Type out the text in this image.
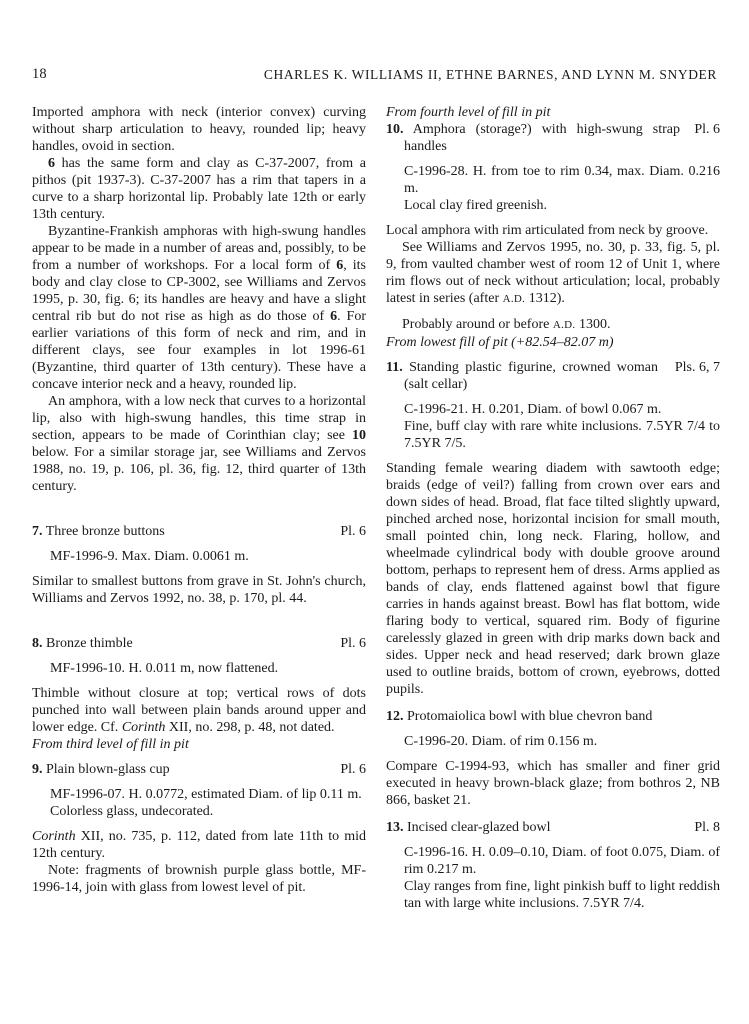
18	CHARLES K. WILLIAMS II, ETHNE BARNES, AND LYNN M. SNYDER

Imported amphora with neck (interior convex) curving without sharp articulation to heavy, rounded lip; heavy handles, ovoid in section.

6 has the same form and clay as C-37-2007, from a pithos (pit 1937-3). C-37-2007 has a rim that tapers in a curve to a sharp horizontal lip. Probably late 12th or early 13th century.

Byzantine-Frankish amphoras with high-swung handles appear to be made in a number of areas and, possibly, to be from a number of workshops. For a local form of 6, its body and clay close to CP-3002, see Williams and Zervos 1995, p. 30, fig. 6; its handles are heavy and have a slight central rib but do not rise as high as do those of 6. For earlier variations of this form of neck and rim, and in different clays, see four examples in lot 1996-61 (Byzantine, third quarter of 13th century). These have a concave interior neck and a heavy, rounded lip.

An amphora, with a low neck that curves to a horizontal lip, also with high-swung handles, this time strap in section, appears to be made of Corinthian clay; see 10 below. For a similar storage jar, see Williams and Zervos 1988, no. 19, p. 106, pl. 36, fig. 12, third quarter of 13th century.

7. Three bronze buttons	Pl. 6

MF-1996-9. Max. Diam. 0.0061 m.

Similar to smallest buttons from grave in St. John's church, Williams and Zervos 1992, no. 38, p. 170, pl. 44.

8. Bronze thimble	Pl. 6

MF-1996-10. H. 0.011 m, now flattened.

Thimble without closure at top; vertical rows of dots punched into wall between plain bands around upper and lower edge. Cf. Corinth XII, no. 298, p. 48, not dated.

From third level of fill in pit

9. Plain blown-glass cup	Pl. 6

MF-1996-07. H. 0.0772, estimated Diam. of lip 0.11 m.

Colorless glass, undecorated.

Corinth XII, no. 735, p. 112, dated from late 11th to mid 12th century.

Note: fragments of brownish purple glass bottle, MF-1996-14, join with glass from lowest level of pit.

From fourth level of fill in pit

10. Amphora (storage?) with high-swung strap handles
Pl. 6

C-1996-28. H. from toe to rim 0.34, max. Diam. 0.216 m.

Local clay fired greenish.

Local amphora with rim articulated from neck by groove.

See Williams and Zervos 1995, no. 30, p. 33, fig. 5, pl. 9, from vaulted chamber west of room 12 of Unit 1, where rim flows out of neck without articulation; local, probably latest in series (after A.D. 1312).

Probably around or before A.D. 1300.

From lowest fill of pit (+82.54–82.07 m)

11. Standing plastic figurine, crowned woman (salt cellar)
Pls. 6, 7

C-1996-21. H. 0.201, Diam. of bowl 0.067 m.

Fine, buff clay with rare white inclusions. 7.5YR 7/4 to 7.5YR 7/5.

Standing female wearing diadem with sawtooth edge; braids (edge of veil?) falling from crown over ears and down sides of head. Broad, flat face tilted slightly upward, pinched arched nose, horizontal incision for small mouth, small pointed chin, long neck. Flaring, hollow, and wheelmade cylindrical body with double groove around bottom, perhaps to represent hem of dress. Arms applied as bands of clay, ends flattened against bowl that figure carries in hands against breast. Bowl has flat bottom, wide flaring body to vertical, squared rim. Body of figurine carelessly glazed in green with drip marks down back and sides. Upper neck and head reserved; dark brown glaze used to outline braids, bottom of crown, eyebrows, dotted pupils.

12. Protomaiolica bowl with blue chevron band

C-1996-20. Diam. of rim 0.156 m.

Compare C-1994-93, which has smaller and finer grid executed in heavy brown-black glaze; from bothros 2, NB 866, basket 21.

13. Incised clear-glazed bowl	Pl. 8

C-1996-16. H. 0.09–0.10, Diam. of foot 0.075, Diam. of rim 0.217 m.

Clay ranges from fine, light pinkish buff to light reddish tan with large white inclusions. 7.5YR 7/4.
